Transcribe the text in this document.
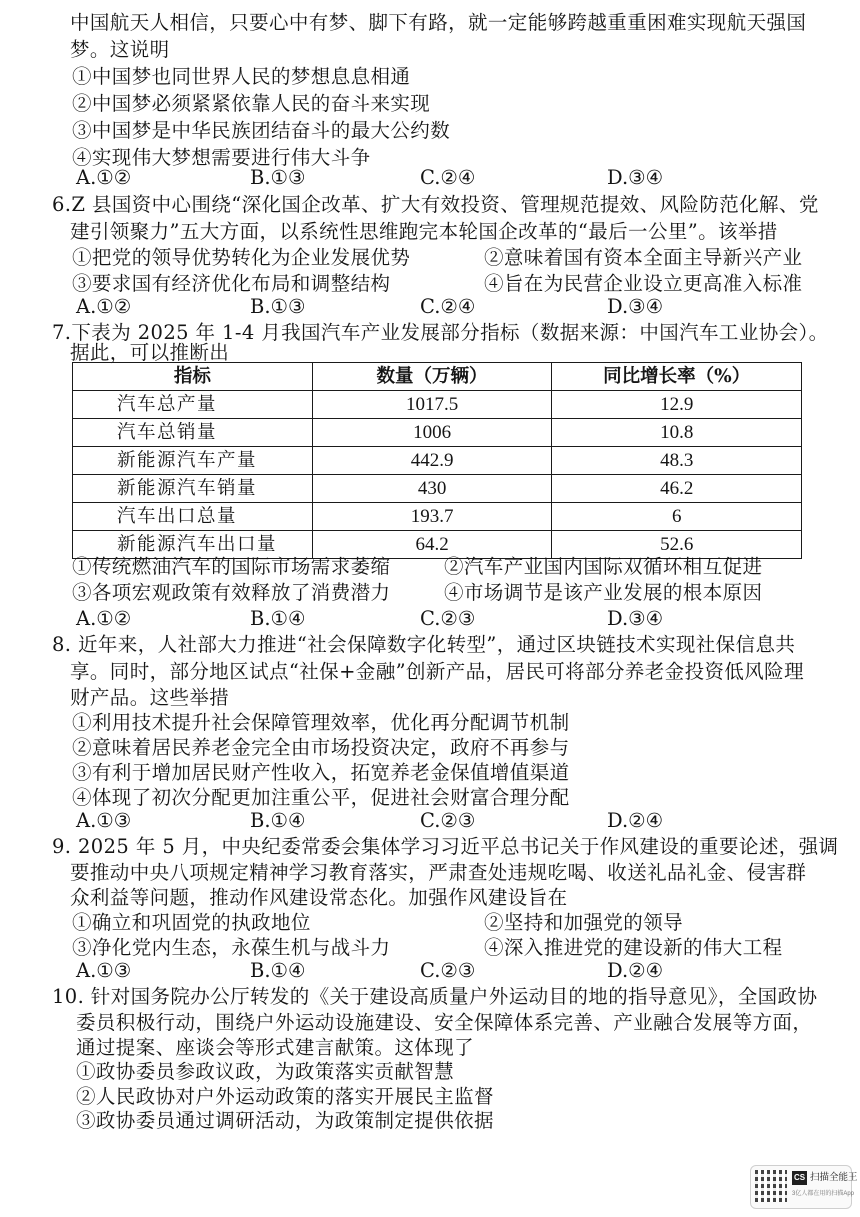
中国航天人相信，只要心中有梦、脚下有路，就一定能够跨越重重困难实现航天强国
梦。这说明
①中国梦也同世界人民的梦想息息相通
②中国梦必须紧紧依靠人民的奋斗来实现
③中国梦是中华民族团结奋斗的最大公约数
④实现伟大梦想需要进行伟大斗争
A.①②	B.①③	C.②④	D.③④
6.Z 县国资中心围绕“深化国企改革、扩大有效投资、管理规范提效、风险防范化解、党
建引领聚力”五大方面，以系统性思维跑完本轮国企改革的“最后一公里”。该举措
①把党的领导优势转化为企业发展优势	②意味着国有资本全面主导新兴产业
③要求国有经济优化布局和调整结构	④旨在为民营企业设立更高准入标准
A.①②	B.①③	C.②④	D.③④
7.下表为 2025 年 1-4 月我国汽车产业发展部分指标（数据来源：中国汽车工业协会）。
据此，可以推断出
指标	数量（万辆）	同比增长率（%）
汽车总产量	1017.5	12.9
汽车总销量	1006	10.8
新能源汽车产量	442.9	48.3
新能源汽车销量	430	46.2
汽车出口总量	193.7	6
新能源汽车出口量	64.2	52.6
①传统燃油汽车的国际市场需求萎缩	②汽车产业国内国际双循环相互促进
③各项宏观政策有效释放了消费潜力	④市场调节是该产业发展的根本原因
A.①②	B.①④	C.②③	D.③④
8. 近年来，人社部大力推进“社会保障数字化转型”，通过区块链技术实现社保信息共
享。同时，部分地区试点“社保+金融”创新产品，居民可将部分养老金投资低风险理
财产品。这些举措
①利用技术提升社会保障管理效率，优化再分配调节机制
②意味着居民养老金完全由市场投资决定，政府不再参与
③有利于增加居民财产性收入，拓宽养老金保值增值渠道
④体现了初次分配更加注重公平，促进社会财富合理分配
A.①③	B.①④	C.②③	D.②④
9. 2025 年 5 月，中央纪委常委会集体学习习近平总书记关于作风建设的重要论述，强调
要推动中央八项规定精神学习教育落实，严肃查处违规吃喝、收送礼品礼金、侵害群
众利益等问题，推动作风建设常态化。加强作风建设旨在
①确立和巩固党的执政地位	②坚持和加强党的领导
③净化党内生态，永葆生机与战斗力	④深入推进党的建设新的伟大工程
A.①③	B.①④	C.②③	D.②④
10. 针对国务院办公厅转发的《关于建设高质量户外运动目的地的指导意见》，全国政协
委员积极行动，围绕户外运动设施建设、安全保障体系完善、产业融合发展等方面，
通过提案、座谈会等形式建言献策。这体现了
①政协委员参政议政，为政策落实贡献智慧
②人民政协对户外运动政策的落实开展民主监督
③政协委员通过调研活动，为政策制定提供依据
CS 扫描全能王
3亿人都在用的扫描App
